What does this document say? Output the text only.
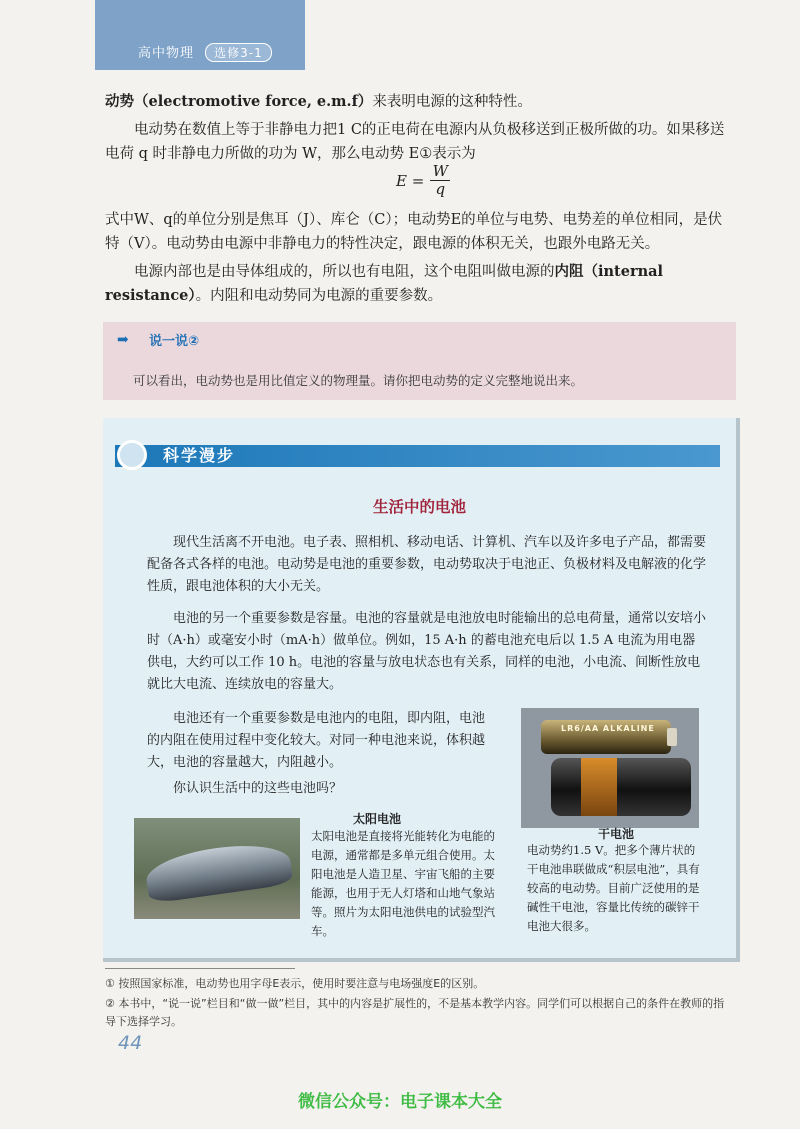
高中物理 选修3-1

动势（electromotive force, e.m.f）来表明电源的这种特性。

电动势在数值上等于非静电力把1 C的正电荷在电源内从负极移送到正极所做的功。如果移送电荷 q 时非静电力所做的功为 W，那么电动势 E①表示为

$E = \frac{W}{q}$

式中W、q的单位分别是焦耳（J）、库仑（C）；电动势E的单位与电势、电势差的单位相同，是伏特（V）。电动势由电源中非静电力的特性决定，跟电源的体积无关，也跟外电路无关。

电源内部也是由导体组成的，所以也有电阻，这个电阻叫做电源的内阻（internal resistance）。内阻和电动势同为电源的重要参数。

➡	说一说②
可以看出，电动势也是用比值定义的物理量。请你把电动势的定义完整地说出来。
科学漫步
生活中的电池

现代生活离不开电池。电子表、照相机、移动电话、计算机、汽车以及许多电子产品，都需要配备各式各样的电池。电动势是电池的重要参数，电动势取决于电池正、负极材料及电解液的化学性质，跟电池体积的大小无关。

电池的另一个重要参数是容量。电池的容量就是电池放电时能输出的总电荷量，通常以安培小时（A·h）或毫安小时（mA·h）做单位。例如，15 A·h 的蓄电池充电后以 1.5 A 电流为用电器供电，大约可以工作 10 h。电池的容量与放电状态也有关系，同样的电池，小电流、间断性放电就比大电流、连续放电的容量大。

电池还有一个重要参数是电池内的电阻，即内阻，电池的内阻在使用过程中变化较大。对同一种电池来说，体积越大，电池的容量越大，内阻越小。

你认识生活中的这些电池吗？

LR6/AA ALKALINE
干电池

电动势约1.5 V。把多个薄片状的干电池串联做成“积层电池”，具有较高的电动势。目前广泛使用的是碱性干电池，容量比传统的碳锌干电池大很多。

太阳电池

太阳电池是直接将光能转化为电能的电源，通常都是多单元组合使用。太阳电池是人造卫星、宇宙飞船的主要能源，也用于无人灯塔和山地气象站等。照片为太阳电池供电的试验型汽车。

① 按照国家标准，电动势也用字母E表示，使用时要注意与电场强度E的区别。

② 本书中，“说一说”栏目和“做一做”栏目，其中的内容是扩展性的，不是基本教学内容。同学们可以根据自己的条件在教师的指导下选择学习。

44
微信公众号：电子课本大全
